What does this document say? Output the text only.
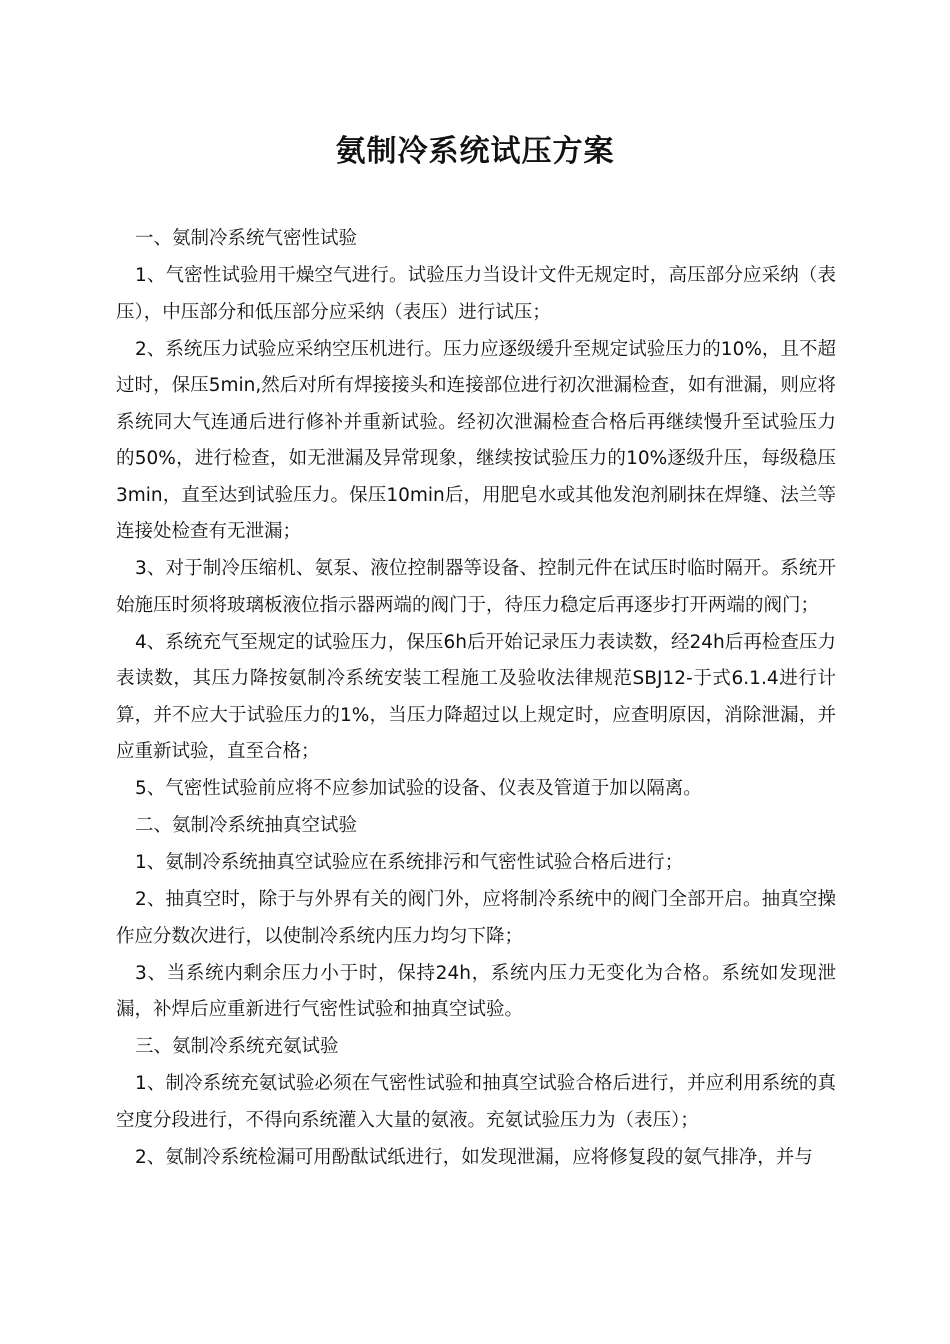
氨制冷系统试压方案

一、氨制冷系统气密性试验

1、气密性试验用干燥空气进行。试验压力当设计文件无规定时，高压部分应采纳（表压），中压部分和低压部分应采纳（表压）进行试压；

2、系统压力试验应采纳空压机进行。压力应逐级缓升至规定试验压力的10%，且不超过时，保压5min,然后对所有焊接接头和连接部位进行初次泄漏检查，如有泄漏，则应将系统同大气连通后进行修补并重新试验。经初次泄漏检查合格后再继续慢升至试验压力的50%，进行检查，如无泄漏及异常现象，继续按试验压力的10%逐级升压，每级稳压3min，直至达到试验压力。保压10min后，用肥皂水或其他发泡剂刷抹在焊缝、法兰等连接处检查有无泄漏；

3、对于制冷压缩机、氨泵、液位控制器等设备、控制元件在试压时临时隔开。系统开始施压时须将玻璃板液位指示器两端的阀门于，待压力稳定后再逐步打开两端的阀门；

4、系统充气至规定的试验压力，保压6h后开始记录压力表读数，经24h后再检查压力表读数，其压力降按氨制冷系统安装工程施工及验收法律规范SBJ12-于式6.1.4进行计算，并不应大于试验压力的1%，当压力降超过以上规定时，应查明原因，消除泄漏，并应重新试验，直至合格；

5、气密性试验前应将不应参加试验的设备、仪表及管道于加以隔离。

二、氨制冷系统抽真空试验

1、氨制冷系统抽真空试验应在系统排污和气密性试验合格后进行；

2、抽真空时，除于与外界有关的阀门外，应将制冷系统中的阀门全部开启。抽真空操作应分数次进行，以使制冷系统内压力均匀下降；

3、当系统内剩余压力小于时，保持24h，系统内压力无变化为合格。系统如发现泄漏，补焊后应重新进行气密性试验和抽真空试验。

三、氨制冷系统充氨试验

1、制冷系统充氨试验必须在气密性试验和抽真空试验合格后进行，并应利用系统的真空度分段进行，不得向系统灌入大量的氨液。充氨试验压力为（表压）；

2、氨制冷系统检漏可用酚酞试纸进行，如发现泄漏，应将修复段的氨气排净，并与
